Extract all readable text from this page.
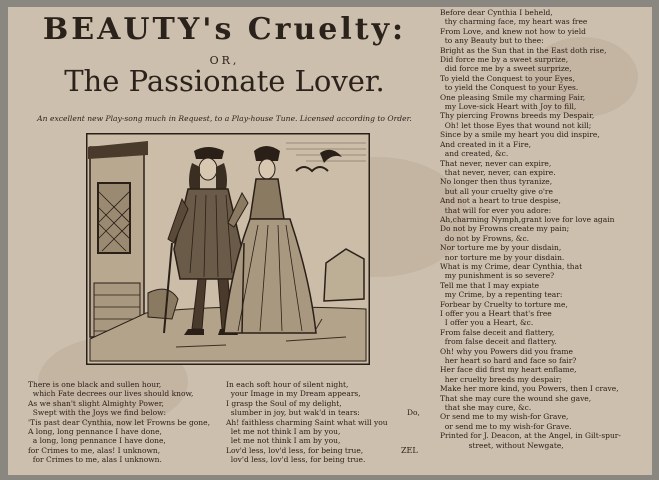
BEAUTY's Cruelty:
OR,
The Passionate Lover.
An excellent new Play-song much in Request, to a Play-house Tune. Licensed according to Order.
Before dear Cynthia I beheld,
thy charming face, my heart was free
From Love, and knew not how to yield
to any Beauty but to thee:
Bright as the Sun that in the East doth rise,
Did force me by a sweet surprize,
did force me by a sweet surprize,
To yield the Conquest to your Eyes,
to yield the Conquest to your Eyes.
One pleasing Smile my charming Fair,
my Love-sick Heart with Joy to fill,
Thy piercing Frowns breeds my Despair,
Oh! let those Eyes that wound not kill;
Since by a smile my heart you did inspire,
And created in it a Fire,
and created, &c.
That never, never can expire,
that never, never, can expire.
No longer then thus tyranize,
but all your cruelty give o're
And not a heart to true despise,
that will for ever you adore:
Ah,charming Nymph,grant love for love again
Do not by Frowns create my pain;
do not by Frowns, &c.
Nor torture me by your disdain,
nor torture me by your disdain.
What is my Crime, dear Cynthia, that
my punishment is so severe?
Tell me that I may expiate
my Crime, by a repenting tear:
Forbear by Cruelty to torture me,
I offer you a Heart that's free
I offer you a Heart, &c.
From false deceit and flattery,
from false deceit and flattery.
Oh! why you Powers did you frame
her heart so hard and face so fair?
Her face did first my heart enflame,
her cruelty breeds my despair;
Make her more kind, you Powers, then I crave,
That she may cure the wound she gave,
that she may cure, &c.
Or send me to my wish-for Grave,
or send me to my wish-for Grave.
Printed for J. Deacon, at the Angel, in Gilt-spur-
street, without Newgate,
There is one black and sullen hour,
which Fate decrees our lives should know,
As we shan't slight Almighty Power,
Swept with the Joys we find below:
'Tis past dear Cynthia, now let Frowns be gone,
A long, long pennance I have done,
a long, long pennance I have done,
for Crimes to me, alas! I unknown,
for Crimes to me, alas I unknown.
In each soft hour of silent night,
your Image in my Dream appears,
I grasp the Soul of my delight,
slumber in joy, but wak'd in tears:
Ah! faithless charming Saint what will you
let me not think I am by you,
let me not think I am by you,
Lov'd less, lov'd less, for being true,
lov'd less, lov'd less, for being true.
Do,
ZEL
